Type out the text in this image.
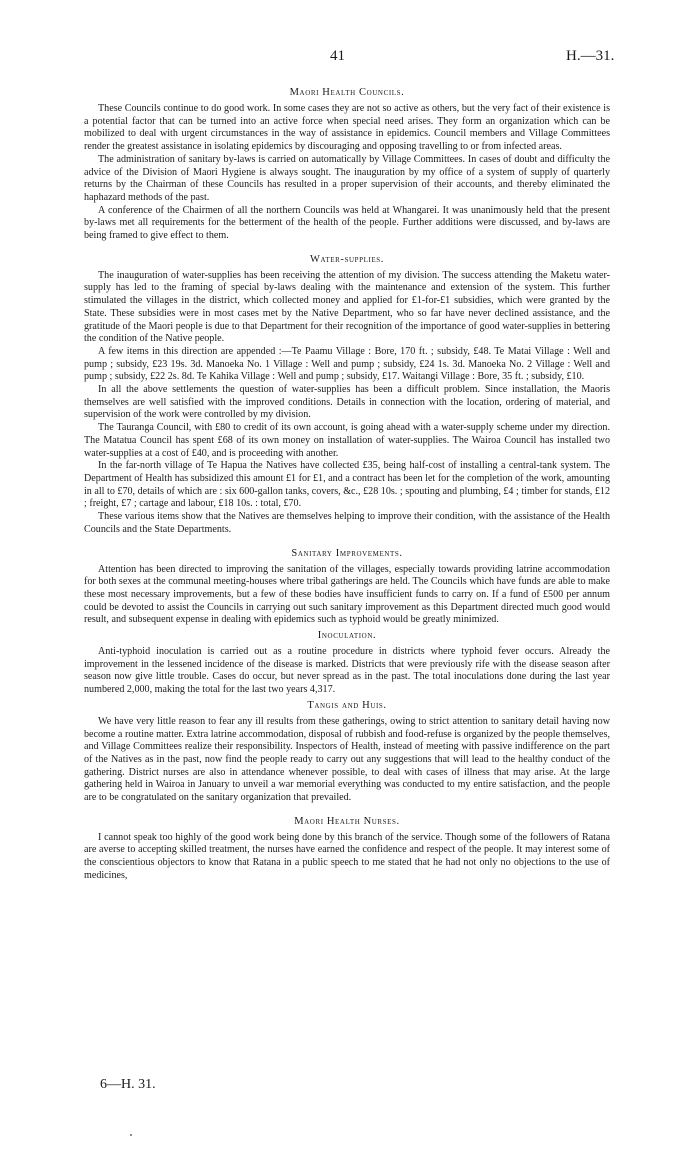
41	H.—31.
Maori Health Councils.

These Councils continue to do good work. In some cases they are not so active as others, but the very fact of their existence is a potential factor that can be turned into an active force when special need arises. They form an organization which can be mobilized to deal with urgent circumstances in the way of assistance in epidemics. Council members and Village Committees render the greatest assistance in isolating epidemics by discouraging and opposing travelling to or from infected areas.

The administration of sanitary by-laws is carried on automatically by Village Committees. In cases of doubt and difficulty the advice of the Division of Maori Hygiene is always sought. The inauguration by my office of a system of supply of quarterly returns by the Chairman of these Councils has resulted in a proper supervision of their accounts, and thereby eliminated the haphazard methods of the past.

A conference of the Chairmen of all the northern Councils was held at Whangarei. It was unanimously held that the present by-laws met all requirements for the betterment of the health of the people. Further additions were discussed, and by-laws are being framed to give effect to them.

Water-supplies.

The inauguration of water-supplies has been receiving the attention of my division. The success attending the Maketu water-supply has led to the framing of special by-laws dealing with the maintenance and extension of the system. This further stimulated the villages in the district, which collected money and applied for £1-for-£1 subsidies, which were granted by the State. These subsidies were in most cases met by the Native Department, who so far have never declined assistance, and the gratitude of the Maori people is due to that Department for their recognition of the importance of good water-supplies in bettering the condition of the Native people.

A few items in this direction are appended :—Te Paamu Village : Bore, 170 ft. ; subsidy, £48. Te Matai Village : Well and pump ; subsidy, £23 19s. 3d. Manoeka No. 1 Village : Well and pump ; subsidy, £24 1s. 3d. Manoeka No. 2 Village : Well and pump ; subsidy, £22 2s. 8d. Te Kahika Village : Well and pump ; subsidy, £17. Waitangi Village : Bore, 35 ft. ; subsidy, £10.

In all the above settlements the question of water-supplies has been a difficult problem. Since installation, the Maoris themselves are well satisfied with the improved conditions. Details in connection with the location, ordering of material, and supervision of the work were controlled by my division.

The Tauranga Council, with £80 to credit of its own account, is going ahead with a water-supply scheme under my direction. The Matatua Council has spent £68 of its own money on installation of water-supplies. The Wairoa Council has installed two water-supplies at a cost of £40, and is proceeding with another.

In the far-north village of Te Hapua the Natives have collected £35, being half-cost of installing a central-tank system. The Department of Health has subsidized this amount £1 for £1, and a contract has been let for the completion of the work, amounting in all to £70, details of which are : six 600-gallon tanks, covers, &c., £28 10s. ; spouting and plumbing, £4 ; timber for stands, £12 ; freight, £7 ; cartage and labour, £18 10s. : total, £70.

These various items show that the Natives are themselves helping to improve their condition, with the assistance of the Health Councils and the State Departments.

Sanitary Improvements.

Attention has been directed to improving the sanitation of the villages, especially towards providing latrine accommodation for both sexes at the communal meeting-houses where tribal gatherings are held. The Councils which have funds are able to make these most necessary improvements, but a few of these bodies have insufficient funds to carry on. If a fund of £500 per annum could be devoted to assist the Councils in carrying out such sanitary improvement as this Department directed much good would result, and subsequent expense in dealing with epidemics such as typhoid would be greatly minimized.

Inoculation.

Anti-typhoid inoculation is carried out as a routine procedure in districts where typhoid fever occurs. Already the improvement in the lessened incidence of the disease is marked. Districts that were previously rife with the disease season after season now give little trouble. Cases do occur, but never spread as in the past. The total inoculations done during the last year numbered 2,000, making the total for the last two years 4,317.

Tangis and Huis.

We have very little reason to fear any ill results from these gatherings, owing to strict attention to sanitary detail having now become a routine matter. Extra latrine accommodation, disposal of rubbish and food-refuse is organized by the people themselves, and Village Committees realize their responsibility. Inspectors of Health, instead of meeting with passive indifference on the part of the Natives as in the past, now find the people ready to carry out any suggestions that will lead to the healthy conduct of the gathering. District nurses are also in attendance whenever possible, to deal with cases of illness that may arise. At the large gathering held in Wairoa in January to unveil a war memorial everything was conducted to my entire satisfaction, and the people are to be congratulated on the sanitary organization that prevailed.

Maori Health Nurses.

I cannot speak too highly of the good work being done by this branch of the service. Though some of the followers of Ratana are averse to accepting skilled treatment, the nurses have earned the confidence and respect of the people. It may interest some of the conscientious objectors to know that Ratana in a public speech to me stated that he had not only no objections to the use of medicines,

6—H. 31.
